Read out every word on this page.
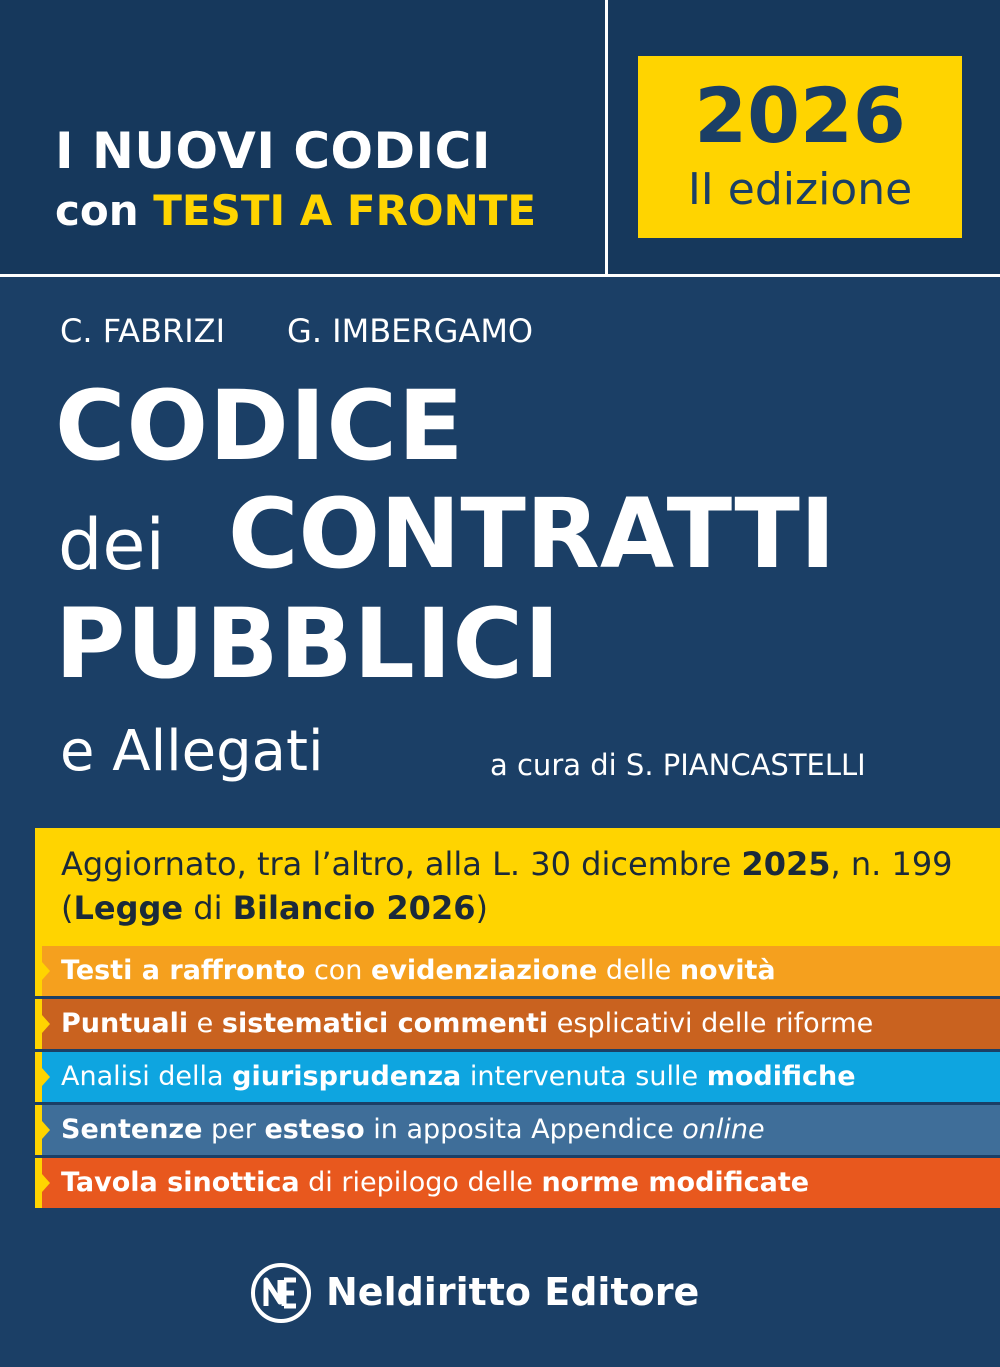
I NUOVI CODICI
con TESTI A FRONTE
2026
II edizione
C. FABRIZI G. IMBERGAMO
CODICE
dei CONTRATTI
PUBBLICI
e Allegati	a cura di S. PIANCASTELLI
Aggiornato, tra l’altro, alla L. 30 dicembre 2025, n. 199 (Legge di Bilancio 2026)
Testi a raffronto con evidenziazione delle novità
Puntuali e sistematici commenti esplicativi delle riforme
Analisi della giurisprudenza intervenuta sulle modifiche
Sentenze per esteso in apposita Appendice online
Tavola sinottica di riepilogo delle norme modificate
Neldiritto Editore
